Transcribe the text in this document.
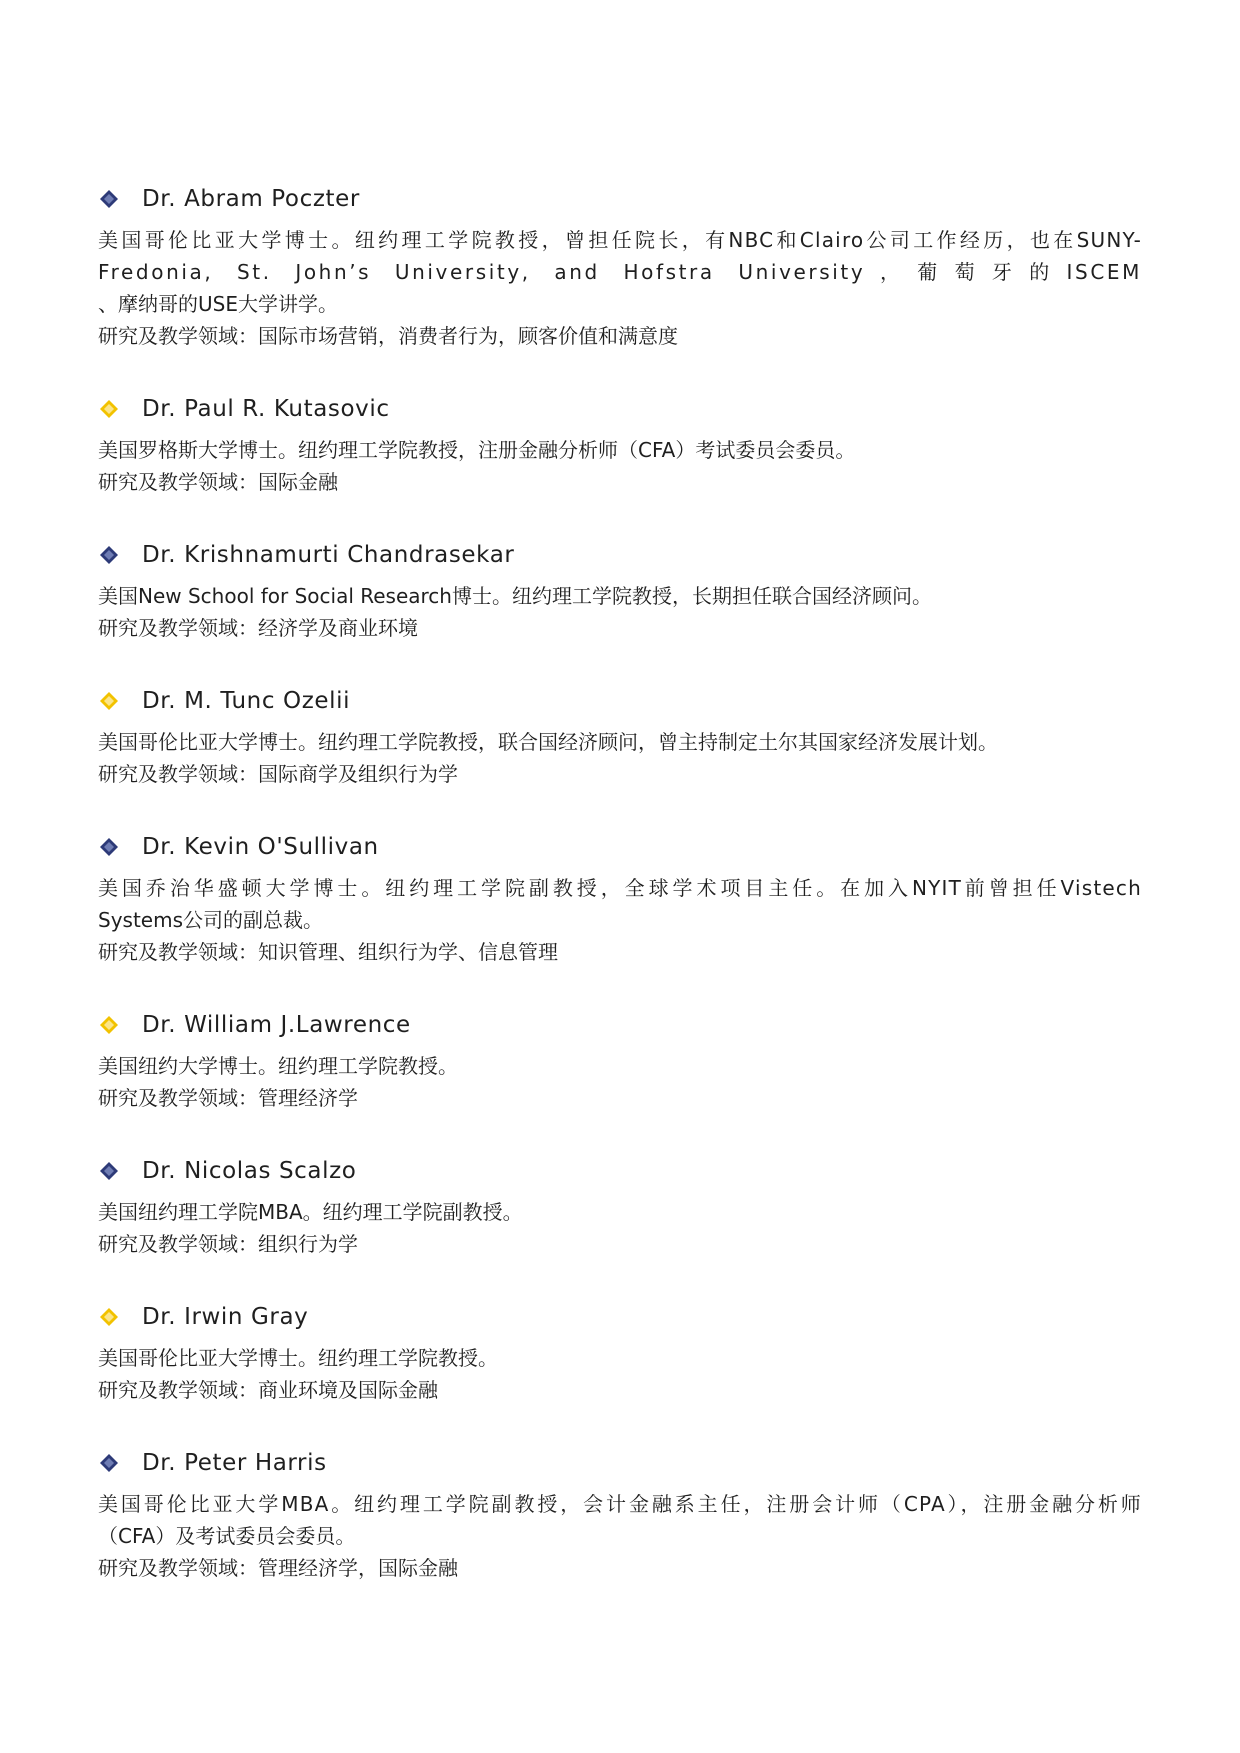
Dr. Abram Poczter
美国哥伦比亚大学博士。纽约理工学院教授，曾担任院长，有NBC和Clairo公司工作经历，也在SUNY-
Fredonia, St. John’s University, and Hofstra University，葡萄牙的ISCEM
、摩纳哥的USE大学讲学。
研究及教学领域：国际市场营销，消费者行为，顾客价值和满意度
Dr. Paul R. Kutasovic
美国罗格斯大学博士。纽约理工学院教授，注册金融分析师（CFA）考试委员会委员。
研究及教学领域：国际金融
Dr. Krishnamurti Chandrasekar
美国New School for Social Research博士。纽约理工学院教授，长期担任联合国经济顾问。
研究及教学领域：经济学及商业环境
Dr. M. Tunc Ozelii
美国哥伦比亚大学博士。纽约理工学院教授，联合国经济顾问，曾主持制定土尔其国家经济发展计划。
研究及教学领域：国际商学及组织行为学
Dr. Kevin O'Sullivan
美国乔治华盛顿大学博士。纽约理工学院副教授，全球学术项目主任。在加入NYIT前曾担任Vistech
Systems公司的副总裁。
研究及教学领域：知识管理、组织行为学、信息管理
Dr. William J.Lawrence
美国纽约大学博士。纽约理工学院教授。
研究及教学领域：管理经济学
Dr. Nicolas Scalzo
美国纽约理工学院MBA。纽约理工学院副教授。
研究及教学领域：组织行为学
Dr. Irwin Gray
美国哥伦比亚大学博士。纽约理工学院教授。
研究及教学领域：商业环境及国际金融
Dr. Peter Harris
美国哥伦比亚大学MBA。纽约理工学院副教授，会计金融系主任，注册会计师（CPA），注册金融分析师
（CFA）及考试委员会委员。
研究及教学领域：管理经济学，国际金融
